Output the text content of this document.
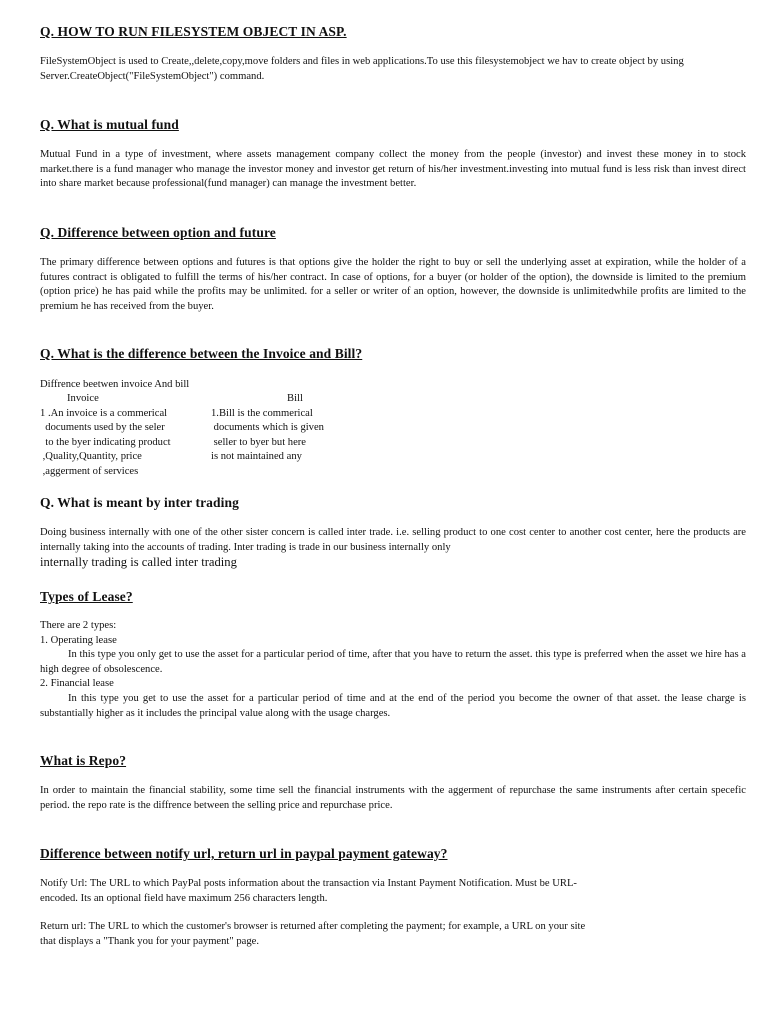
Q. HOW TO RUN FILESYSTEM OBJECT IN ASP.

FileSystemObject is used to Create,,delete,copy,move folders and files in web applications.To use this filesystemobject we hav to create object by using Server.CreateObject("FileSystemObject") command.

Q. What is mutual fund

Mutual Fund in a type of investment, where assets management company collect the money from the people (investor) and invest these money in to stock market.there is a fund manager who manage the investor money and investor get return of his/her investment.investing into mutual fund is less risk than invest direct into share market because professional(fund manager) can manage the investment better.

Q. Difference between option and future

The primary difference between options and futures is that options give the holder the right to buy or sell the underlying asset at expiration, while the holder of a futures contract is obligated to fulfill the terms of his/her contract. In case of options, for a buyer (or holder of the option), the downside is limited to the premium (option price) he has paid while the profits may be unlimited. for a seller or writer of an option, however, the downside is unlimitedwhile profits are limited to the premium he has received from the buyer.

Q. What is the difference between the Invoice and Bill?
Diffrence beetwen invoice And bill
Invoice	Bill
1 .An invoice is a commerical
documents used by the seler
to the byer indicating product
,Quality,Quantity, price
,aggerment of services
1.Bill is the commerical
documents which is given
seller to byer but here
is not maintained any
Q. What is meant by inter trading

Doing business internally with one of the other sister concern is called inter trade. i.e. selling product to one cost center to another cost center, here the products are internally taking into the accounts of trading. Inter trading is trade in our business internally only

internally trading is called inter trading

Types of Lease?
There are 2 types:
1. Operating lease

In this type you only get to use the asset for a particular period of time, after that you have to return the asset. this type is preferred when the asset we hire has a high degree of obsolescence.

2. Financial lease

In this type you get to use the asset for a particular period of time and at the end of the period you become the owner of that asset. the lease charge is substantially higher as it includes the principal value along with the usage charges.

What is Repo?

In order to maintain the financial stability, some time sell the financial instruments with the aggerment of repurchase the same instruments after certain specefic period. the repo rate is the diffrence between the selling price and repurchase price.

Difference between notify url, return url in paypal payment gateway?
Notify Url: The URL to which PayPal posts information about the transaction via Instant Payment Notification. Must be URL-
encoded. Its an optional field have maximum 256 characters length.
Return url: The URL to which the customer's browser is returned after completing the payment; for example, a URL on your site
that displays a "Thank you for your payment" page.
